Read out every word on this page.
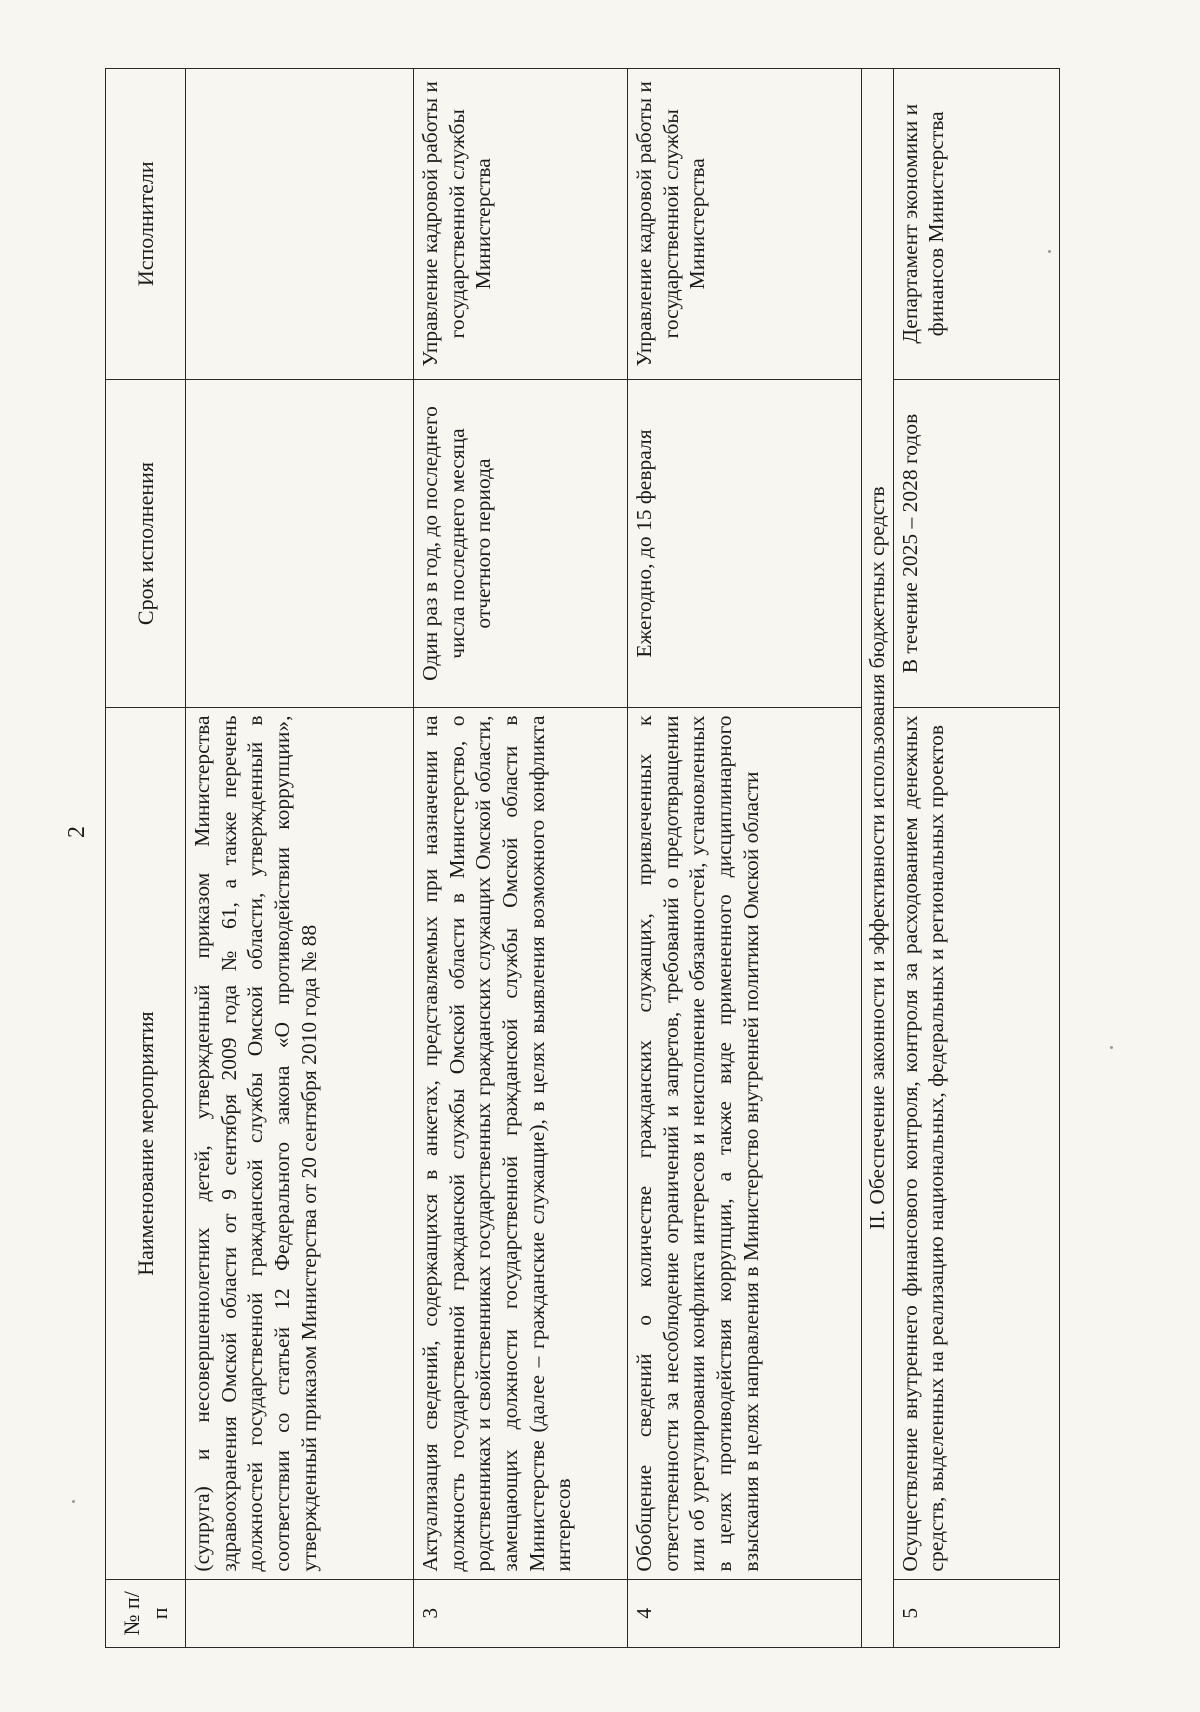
2
№ п/п	Наименование мероприятия	Срок исполнения	Исполнители
	(супруга) и несовершеннолетних детей, утвержденный приказом Министерства здравоохранения Омской области от 9 сентября 2009 года № 61, а также перечень должностей государственной гражданской службы Омской области, утвержденный в соответствии со статьей 12 Федерального закона «О противодействии коррупции», утвержденный приказом Министерства от 20 сентября 2010 года № 88		
3	Актуализация сведений, содержащихся в анкетах, представляемых при назначении на должность государственной гражданской службы Омской области в Министерство, о родственниках и свойственниках государственных гражданских служащих Омской области, замещающих должности государственной гражданской службы Омской области в Министерстве (далее – гражданские служащие), в целях выявления возможного конфликта интересов	Один раз в год, до последнего числа последнего месяца отчетного периода	Управление кадровой работы и государственной службы Министерства
4	Обобщение сведений о количестве гражданских служащих, привлеченных к ответственности за несоблюдение ограничений и запретов, требований о предотвращении или об урегулировании конфликта интересов и неисполнение обязанностей, установленных в целях противодействия коррупции, а также виде примененного дисциплинарного взыскания в целях направления в Министерство внутренней политики Омской области	Ежегодно, до 15 февраля	Управление кадровой работы и государственной службы Министерства
II. Обеспечение законности и эффективности использования бюджетных средств			
5	Осуществление внутреннего финансового контроля, контроля за расходованием денежных средств, выделенных на реализацию национальных, федеральных и региональных проектов	В течение 2025 – 2028 годов	Департамент экономики и финансов Министерства
